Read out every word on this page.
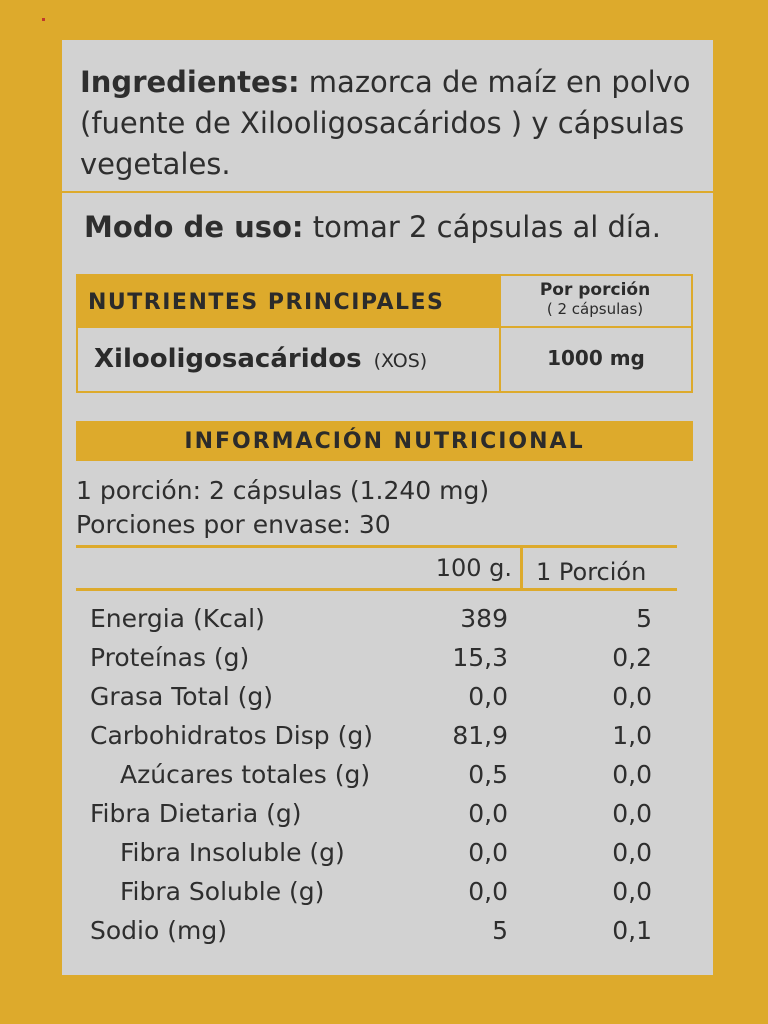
Ingredientes: mazorca de maíz en polvo (fuente de Xilooligosacáridos ) y cápsulas vegetales.

Modo de uso: tomar 2 cápsulas al día.

NUTRIENTES PRINCIPALES	Por porción
( 2 cápsulas)
Xilooligosacáridos (XOS)	1000 mg
INFORMACIÓN NUTRICIONAL
1 porción: 2 cápsulas (1.240 mg)
Porciones por envase: 30
100 g. 1 Porción
Energia (Kcal)	389	5
Proteínas (g)	15,3	0,2
Grasa Total (g)	0,0	0,0
Carbohidratos Disp (g)	81,9	1,0
Azúcares totales (g)	0,5	0,0
Fibra Dietaria (g)	0,0	0,0
Fibra Insoluble (g)	0,0	0,0
Fibra Soluble (g)	0,0	0,0
Sodio (mg)	5	0,1
